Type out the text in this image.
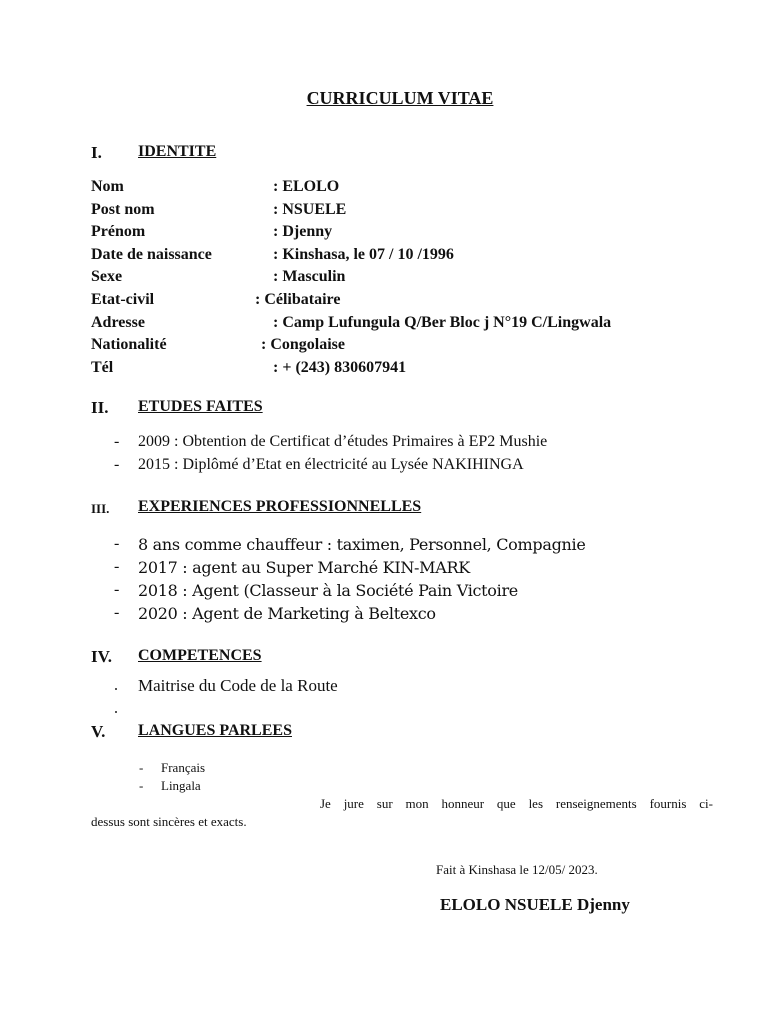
CURRICULUM VITAE
I. IDENTITE
Nom	: ELOLO
Post nom	: NSUELE
Prénom	: Djenny
Date de naissance	: Kinshasa, le 07 / 10 /1996
Sexe	: Masculin
Etat-civil	: Célibataire
Adresse	: Camp Lufungula Q/Ber Bloc j N°19 C/Lingwala
Nationalité	: Congolaise
Tél	: + (243) 830607941
II. ETUDES FAITES
- 2009 : Obtention de Certificat d’études Primaires à EP2 Mushie
- 2015 : Diplômé d’Etat en électricité au Lysée NAKIHINGA
III. EXPERIENCES PROFESSIONNELLES
- 8 ans comme chauffeur : taximen, Personnel, Compagnie
- 2017 : agent au Super Marché KIN-MARK
- 2018 : Agent (Classeur à la Société Pain Victoire
- 2020 : Agent de Marketing à Beltexco
IV. COMPETENCES
Maitrise du Code de la Route
V. LANGUES PARLEES
- Français
- Lingala
Je jure sur mon honneur que les renseignements fournis ci-
dessus sont sincères et exacts.
Fait à Kinshasa le 12/05/ 2023.
ELOLO NSUELE Djenny
